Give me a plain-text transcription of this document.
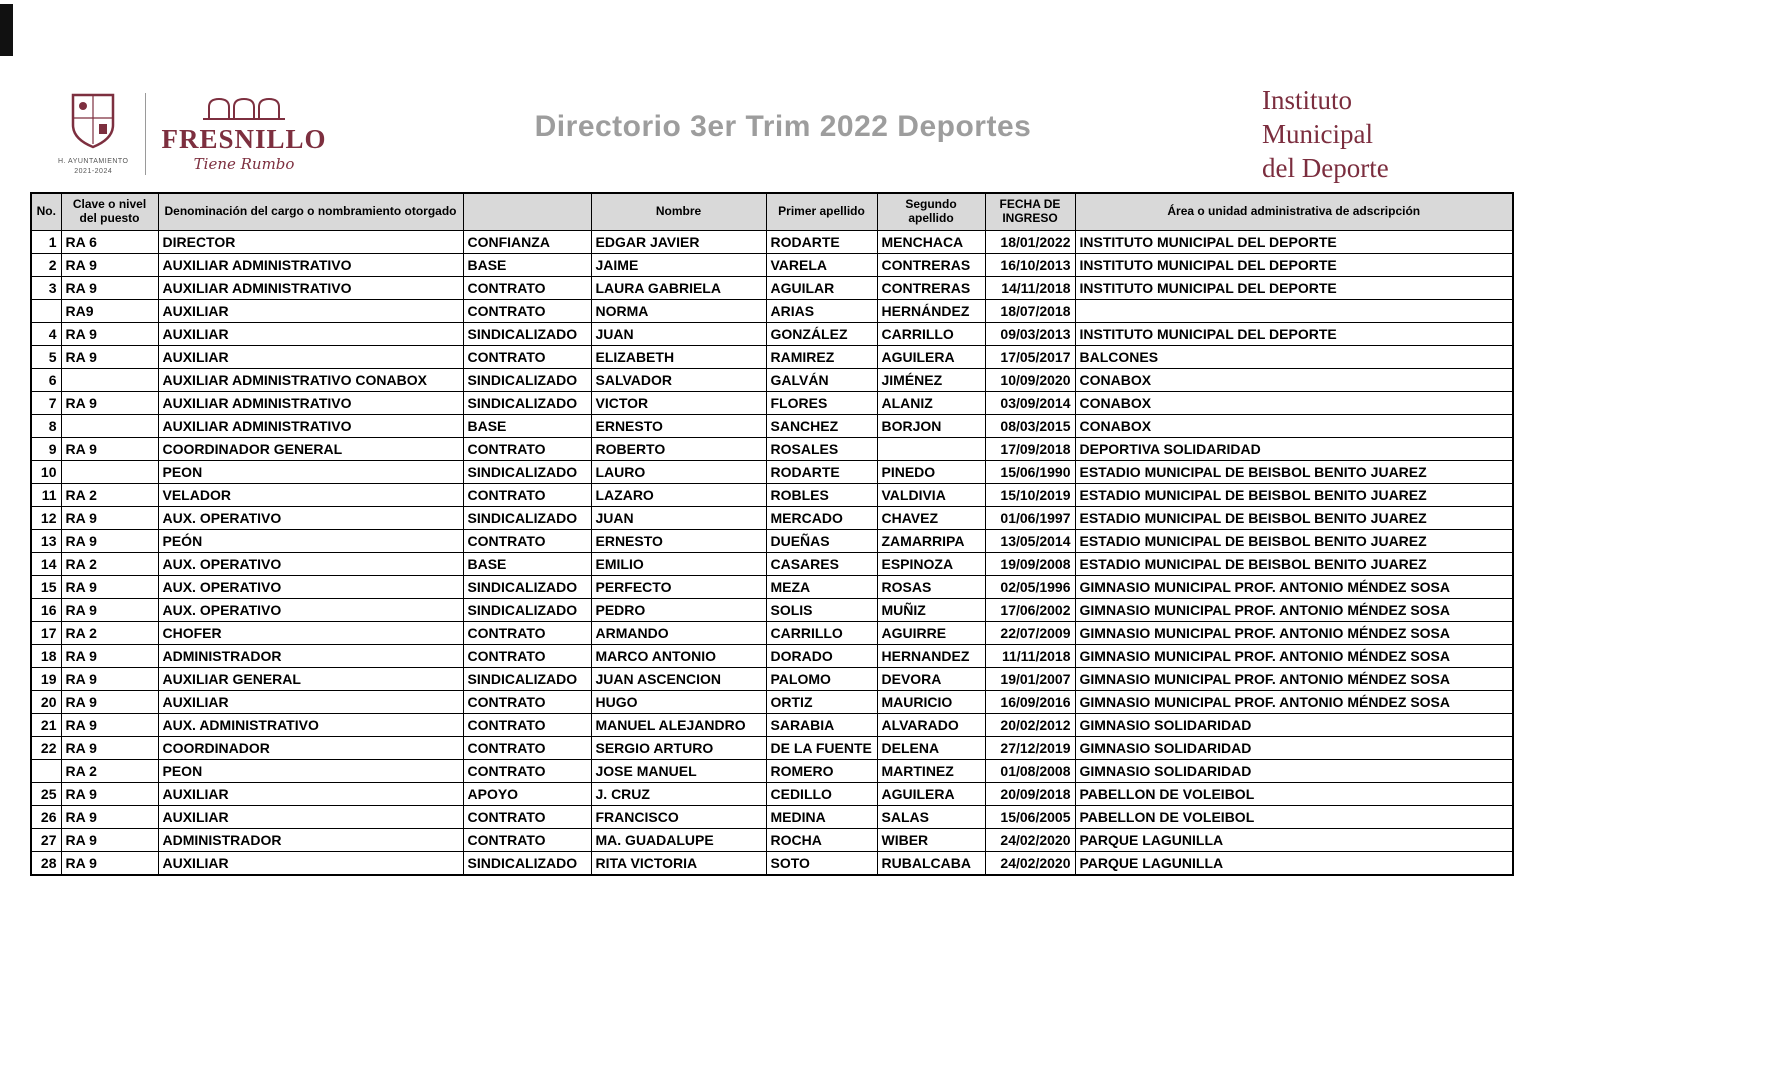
H. AYUNTAMIENTO
2021-2024
FRESNILLO
Tiene Rumbo
Directorio 3er Trim 2022 Deportes
Instituto
Municipal
del Deporte
No.	Clave o nivel del puesto	Denominación del cargo o nombramiento otorgado		Nombre	Primer apellido	Segundo apellido	FECHA DE INGRESO	Área o unidad administrativa de adscripción
1	RA 6	DIRECTOR	CONFIANZA	EDGAR JAVIER	RODARTE	MENCHACA	18/01/2022	INSTITUTO MUNICIPAL DEL DEPORTE
2	RA 9	AUXILIAR ADMINISTRATIVO	BASE	JAIME	VARELA	CONTRERAS	16/10/2013	INSTITUTO MUNICIPAL DEL DEPORTE
3	RA 9	AUXILIAR ADMINISTRATIVO	CONTRATO	LAURA GABRIELA	AGUILAR	CONTRERAS	14/11/2018	INSTITUTO MUNICIPAL DEL DEPORTE
	RA9	AUXILIAR	CONTRATO	NORMA	ARIAS	HERNÁNDEZ	18/07/2018	
4	RA 9	AUXILIAR	SINDICALIZADO	JUAN	GONZÁLEZ	CARRILLO	09/03/2013	INSTITUTO MUNICIPAL DEL DEPORTE
5	RA 9	AUXILIAR	CONTRATO	ELIZABETH	RAMIREZ	AGUILERA	17/05/2017	BALCONES
6		AUXILIAR ADMINISTRATIVO CONABOX	SINDICALIZADO	SALVADOR	GALVÁN	JIMÉNEZ	10/09/2020	CONABOX
7	RA 9	AUXILIAR ADMINISTRATIVO	SINDICALIZADO	VICTOR	FLORES	ALANIZ	03/09/2014	CONABOX
8		AUXILIAR ADMINISTRATIVO	BASE	ERNESTO	SANCHEZ	BORJON	08/03/2015	CONABOX
9	RA 9	COORDINADOR GENERAL	CONTRATO	ROBERTO	ROSALES		17/09/2018	DEPORTIVA SOLIDARIDAD
10		PEON	SINDICALIZADO	LAURO	RODARTE	PINEDO	15/06/1990	ESTADIO MUNICIPAL DE BEISBOL BENITO JUAREZ
11	RA 2	VELADOR	CONTRATO	LAZARO	ROBLES	VALDIVIA	15/10/2019	ESTADIO MUNICIPAL DE BEISBOL BENITO JUAREZ
12	RA 9	AUX. OPERATIVO	SINDICALIZADO	JUAN	MERCADO	CHAVEZ	01/06/1997	ESTADIO MUNICIPAL DE BEISBOL BENITO JUAREZ
13	RA 9	PEÓN	CONTRATO	ERNESTO	DUEÑAS	ZAMARRIPA	13/05/2014	ESTADIO MUNICIPAL DE BEISBOL BENITO JUAREZ
14	RA 2	AUX. OPERATIVO	BASE	EMILIO	CASARES	ESPINOZA	19/09/2008	ESTADIO MUNICIPAL DE BEISBOL BENITO JUAREZ
15	RA 9	AUX. OPERATIVO	SINDICALIZADO	PERFECTO	MEZA	ROSAS	02/05/1996	GIMNASIO MUNICIPAL PROF. ANTONIO MÉNDEZ SOSA
16	RA 9	AUX. OPERATIVO	SINDICALIZADO	PEDRO	SOLIS	MUÑIZ	17/06/2002	GIMNASIO MUNICIPAL PROF. ANTONIO MÉNDEZ SOSA
17	RA 2	CHOFER	CONTRATO	ARMANDO	CARRILLO	AGUIRRE	22/07/2009	GIMNASIO MUNICIPAL PROF. ANTONIO MÉNDEZ SOSA
18	RA 9	ADMINISTRADOR	CONTRATO	MARCO ANTONIO	DORADO	HERNANDEZ	11/11/2018	GIMNASIO MUNICIPAL PROF. ANTONIO MÉNDEZ SOSA
19	RA 9	AUXILIAR GENERAL	SINDICALIZADO	JUAN ASCENCION	PALOMO	DEVORA	19/01/2007	GIMNASIO MUNICIPAL PROF. ANTONIO MÉNDEZ SOSA
20	RA 9	AUXILIAR	CONTRATO	HUGO	ORTIZ	MAURICIO	16/09/2016	GIMNASIO MUNICIPAL PROF. ANTONIO MÉNDEZ SOSA
21	RA 9	AUX. ADMINISTRATIVO	CONTRATO	MANUEL ALEJANDRO	SARABIA	ALVARADO	20/02/2012	GIMNASIO SOLIDARIDAD
22	RA 9	COORDINADOR	CONTRATO	SERGIO ARTURO	DE LA FUENTE	DELENA	27/12/2019	GIMNASIO SOLIDARIDAD
	RA 2	PEON	CONTRATO	JOSE MANUEL	ROMERO	MARTINEZ	01/08/2008	GIMNASIO SOLIDARIDAD
25	RA 9	AUXILIAR	APOYO	J. CRUZ	CEDILLO	AGUILERA	20/09/2018	PABELLON DE VOLEIBOL
26	RA 9	AUXILIAR	CONTRATO	FRANCISCO	MEDINA	SALAS	15/06/2005	PABELLON DE VOLEIBOL
27	RA 9	ADMINISTRADOR	CONTRATO	MA. GUADALUPE	ROCHA	WIBER	24/02/2020	PARQUE LAGUNILLA
28	RA 9	AUXILIAR	SINDICALIZADO	RITA VICTORIA	SOTO	RUBALCABA	24/02/2020	PARQUE LAGUNILLA
